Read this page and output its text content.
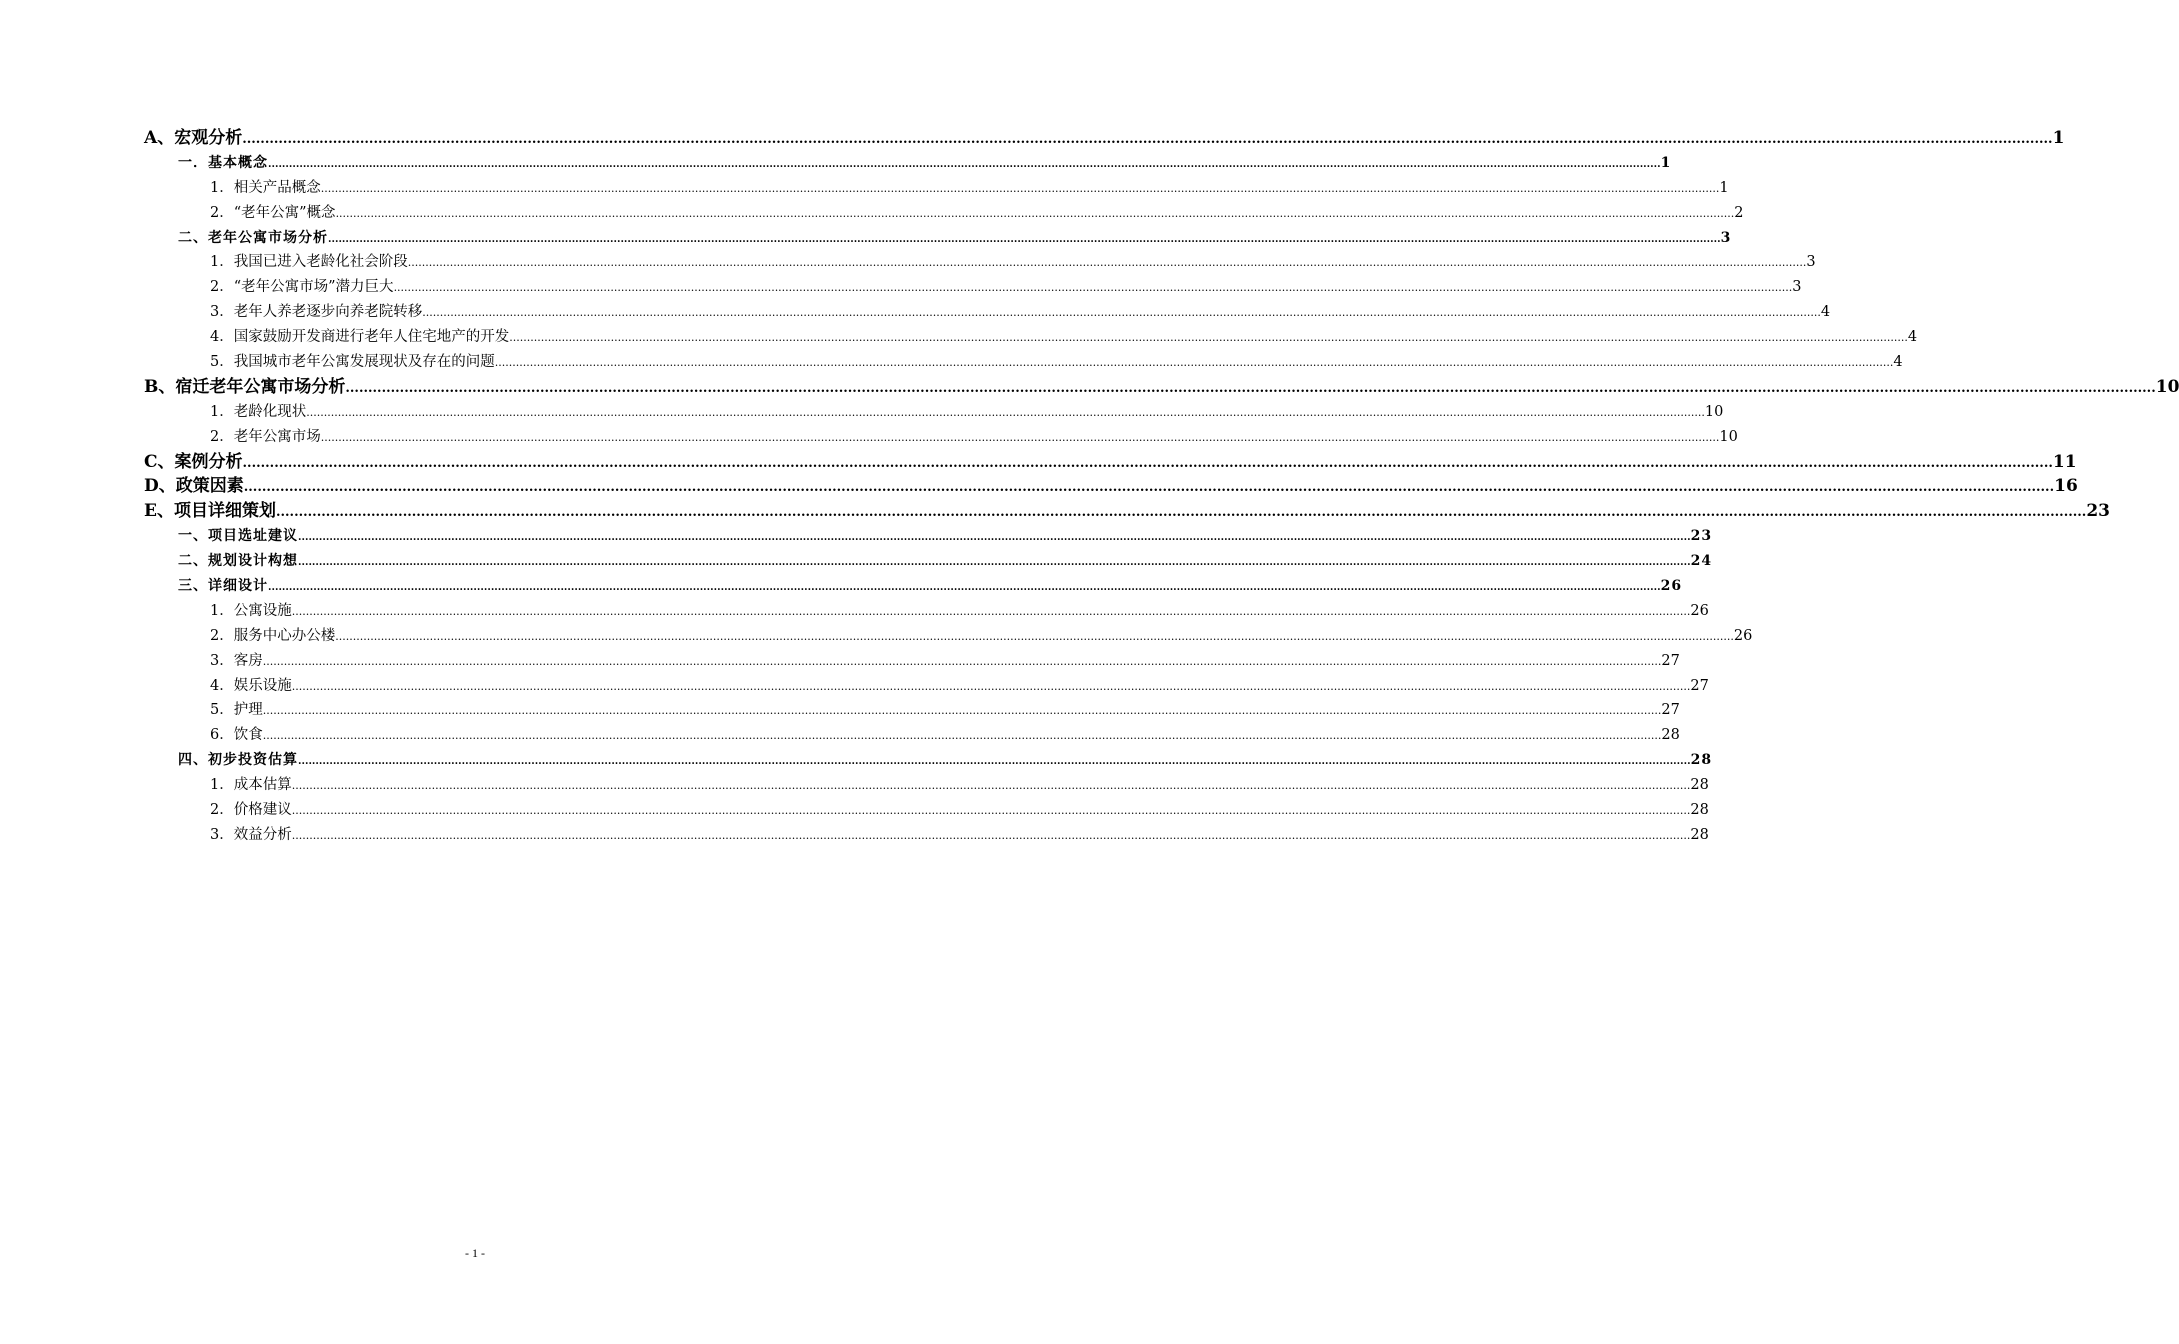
A、宏观分析 ................................................................................................................................................................................................................................................................................................................................................................................................................ 1
一．基本概念 ................................................................................................................................................................................................................................................................................................................................................................................................................ 1
1．相关产品概念 ................................................................................................................................................................................................................................................................................................................................................................................................................ 1
2．“老年公寓”概念 ................................................................................................................................................................................................................................................................................................................................................................................................................ 2
二、老年公寓市场分析 ................................................................................................................................................................................................................................................................................................................................................................................................................ 3
1．我国已进入老龄化社会阶段 ................................................................................................................................................................................................................................................................................................................................................................................................................ 3
2．“老年公寓市场”潜力巨大 ................................................................................................................................................................................................................................................................................................................................................................................................................ 3
3．老年人养老逐步向养老院转移 ................................................................................................................................................................................................................................................................................................................................................................................................................ 4
4．国家鼓励开发商进行老年人住宅地产的开发 ................................................................................................................................................................................................................................................................................................................................................................................................................ 4
5．我国城市老年公寓发展现状及存在的问题 ................................................................................................................................................................................................................................................................................................................................................................................................................ 4
B、宿迁老年公寓市场分析 ................................................................................................................................................................................................................................................................................................................................................................................................................ 10
1．老龄化现状 ................................................................................................................................................................................................................................................................................................................................................................................................................ 10
2．老年公寓市场 ................................................................................................................................................................................................................................................................................................................................................................................................................ 10
C、案例分析 ................................................................................................................................................................................................................................................................................................................................................................................................................ 11
D、政策因素 ................................................................................................................................................................................................................................................................................................................................................................................................................ 16
E、项目详细策划 ................................................................................................................................................................................................................................................................................................................................................................................................................ 23
一、项目选址建议 ................................................................................................................................................................................................................................................................................................................................................................................................................ 23
二、规划设计构想 ................................................................................................................................................................................................................................................................................................................................................................................................................ 24
三、详细设计 ................................................................................................................................................................................................................................................................................................................................................................................................................ 26
1．公寓设施 ................................................................................................................................................................................................................................................................................................................................................................................................................ 26
2．服务中心办公楼 ................................................................................................................................................................................................................................................................................................................................................................................................................ 26
3．客房 ................................................................................................................................................................................................................................................................................................................................................................................................................ 27
4．娱乐设施 ................................................................................................................................................................................................................................................................................................................................................................................................................ 27
5．护理 ................................................................................................................................................................................................................................................................................................................................................................................................................ 27
6．饮食 ................................................................................................................................................................................................................................................................................................................................................................................................................ 28
四、初步投资估算 ................................................................................................................................................................................................................................................................................................................................................................................................................ 28
1．成本估算 ................................................................................................................................................................................................................................................................................................................................................................................................................ 28
2．价格建议 ................................................................................................................................................................................................................................................................................................................................................................................................................ 28
3．效益分析 ................................................................................................................................................................................................................................................................................................................................................................................................................ 28
- 1 -
